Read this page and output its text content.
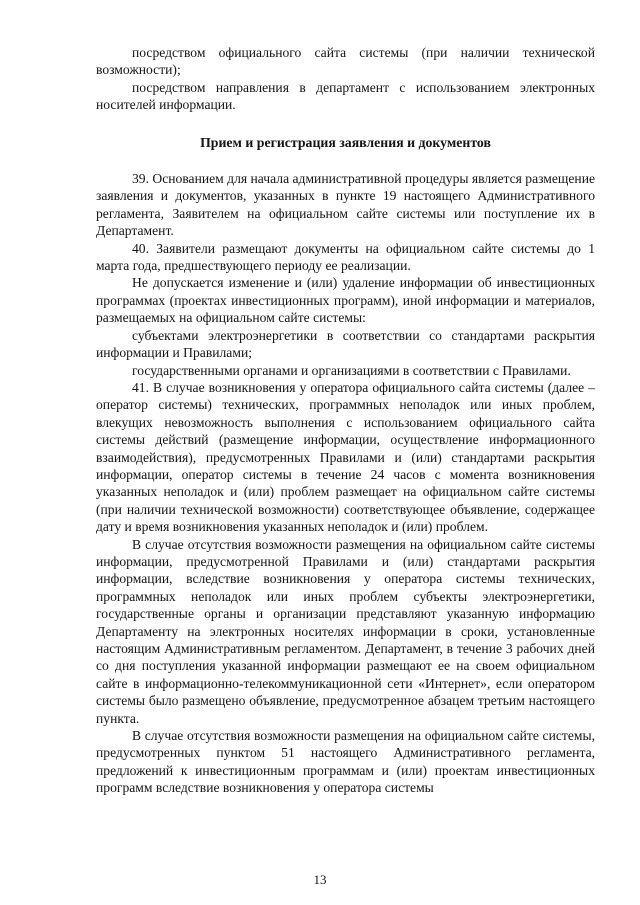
посредством официального сайта системы (при наличии технической возможности);

посредством направления в департамент с использованием электронных носителей информации.

Прием и регистрация заявления и документов

39. Основанием для начала административной процедуры является размещение заявления и документов, указанных в пункте 19 настоящего Административного регламента, Заявителем на официальном сайте системы или поступление их в Департамент.

40. Заявители размещают документы на официальном сайте системы до 1 марта года, предшествующего периоду ее реализации.

Не допускается изменение и (или) удаление информации об инвестиционных программах (проектах инвестиционных программ), иной информации и материалов, размещаемых на официальном сайте системы:

субъектами электроэнергетики в соответствии со стандартами раскрытия информации и Правилами;

государственными органами и организациями в соответствии с Правилами.

41. В случае возникновения у оператора официального сайта системы (далее – оператор системы) технических, программных неполадок или иных проблем, влекущих невозможность выполнения с использованием официального сайта системы действий (размещение информации, осуществление информационного взаимодействия), предусмотренных Правилами и (или) стандартами раскрытия информации, оператор системы в течение 24 часов с момента возникновения указанных неполадок и (или) проблем размещает на официальном сайте системы (при наличии технической возможности) соответствующее объявление, содержащее дату и время возникновения указанных неполадок и (или) проблем.

В случае отсутствия возможности размещения на официальном сайте системы информации, предусмотренной Правилами и (или) стандартами раскрытия информации, вследствие возникновения у оператора системы технических, программных неполадок или иных проблем субъекты электроэнергетики, государственные органы и организации представляют указанную информацию Департаменту на электронных носителях информации в сроки, установленные настоящим Административным регламентом. Департамент, в течение 3 рабочих дней со дня поступления указанной информации размещают ее на своем официальном сайте в информационно-телекоммуникационной сети «Интернет», если оператором системы было размещено объявление, предусмотренное абзацем третьим настоящего пункта.

В случае отсутствия возможности размещения на официальном сайте системы, предусмотренных пунктом 51 настоящего Административного регламента, предложений к инвестиционным программам и (или) проектам инвестиционных программ вследствие возникновения у оператора системы

13
